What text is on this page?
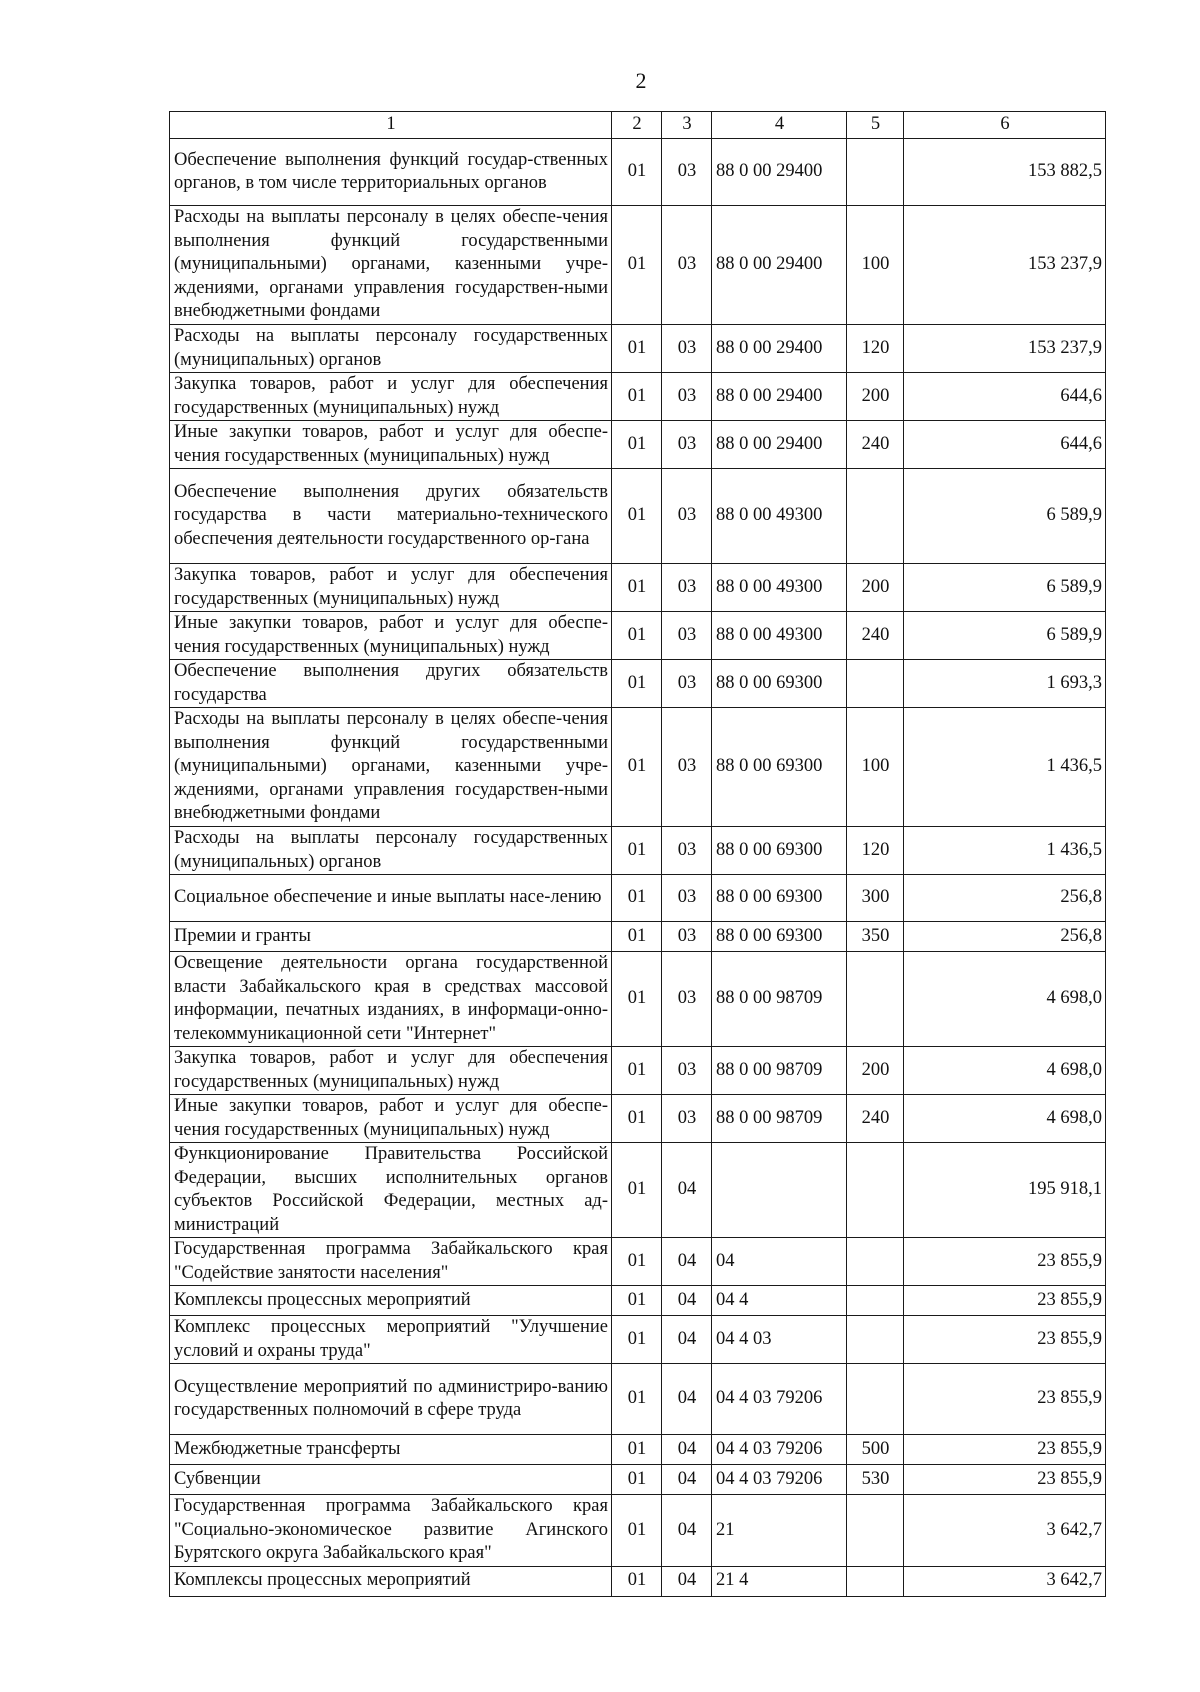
2
1	2	3	4	5	6
Обеспечение выполнения функций государ-ственных органов, в том числе территориальных органов	01	03	88 0 00 29400		153 882,5
Расходы на выплаты персоналу в целях обеспе-чения выполнения функций государственными (муниципальными) органами, казенными учре-ждениями, органами управления государствен-ными внебюджетными фондами	01	03	88 0 00 29400	100	153 237,9
Расходы на выплаты персоналу государственных (муниципальных) органов	01	03	88 0 00 29400	120	153 237,9
Закупка товаров, работ и услуг для обеспечения государственных (муниципальных) нужд	01	03	88 0 00 29400	200	644,6
Иные закупки товаров, работ и услуг для обеспе-чения государственных (муниципальных) нужд	01	03	88 0 00 29400	240	644,6
Обеспечение выполнения других обязательств государства в части материально-технического обеспечения деятельности государственного ор-гана	01	03	88 0 00 49300		6 589,9
Закупка товаров, работ и услуг для обеспечения государственных (муниципальных) нужд	01	03	88 0 00 49300	200	6 589,9
Иные закупки товаров, работ и услуг для обеспе-чения государственных (муниципальных) нужд	01	03	88 0 00 49300	240	6 589,9
Обеспечение выполнения других обязательств государства	01	03	88 0 00 69300		1 693,3
Расходы на выплаты персоналу в целях обеспе-чения выполнения функций государственными (муниципальными) органами, казенными учре-ждениями, органами управления государствен-ными внебюджетными фондами	01	03	88 0 00 69300	100	1 436,5
Расходы на выплаты персоналу государственных (муниципальных) органов	01	03	88 0 00 69300	120	1 436,5
Социальное обеспечение и иные выплаты насе-лению	01	03	88 0 00 69300	300	256,8
Премии и гранты	01	03	88 0 00 69300	350	256,8
Освещение деятельности органа государственной власти Забайкальского края в средствах массовой информации, печатных изданиях, в информаци-онно-телекоммуникационной сети "Интернет"	01	03	88 0 00 98709		4 698,0
Закупка товаров, работ и услуг для обеспечения государственных (муниципальных) нужд	01	03	88 0 00 98709	200	4 698,0
Иные закупки товаров, работ и услуг для обеспе-чения государственных (муниципальных) нужд	01	03	88 0 00 98709	240	4 698,0
Функционирование Правительства Российской Федерации, высших исполнительных органов субъектов Российской Федерации, местных ад-министраций	01	04			195 918,1
Государственная программа Забайкальского края "Содействие занятости населения"	01	04	04		23 855,9
Комплексы процессных мероприятий	01	04	04 4		23 855,9
Комплекс процессных мероприятий "Улучшение условий и охраны труда"	01	04	04 4 03		23 855,9
Осуществление мероприятий по администриро-ванию государственных полномочий в сфере труда	01	04	04 4 03 79206		23 855,9
Межбюджетные трансферты	01	04	04 4 03 79206	500	23 855,9
Субвенции	01	04	04 4 03 79206	530	23 855,9
Государственная программа Забайкальского края "Социально-экономическое развитие Агинского Бурятского округа Забайкальского края"	01	04	21		3 642,7
Комплексы процессных мероприятий	01	04	21 4		3 642,7
